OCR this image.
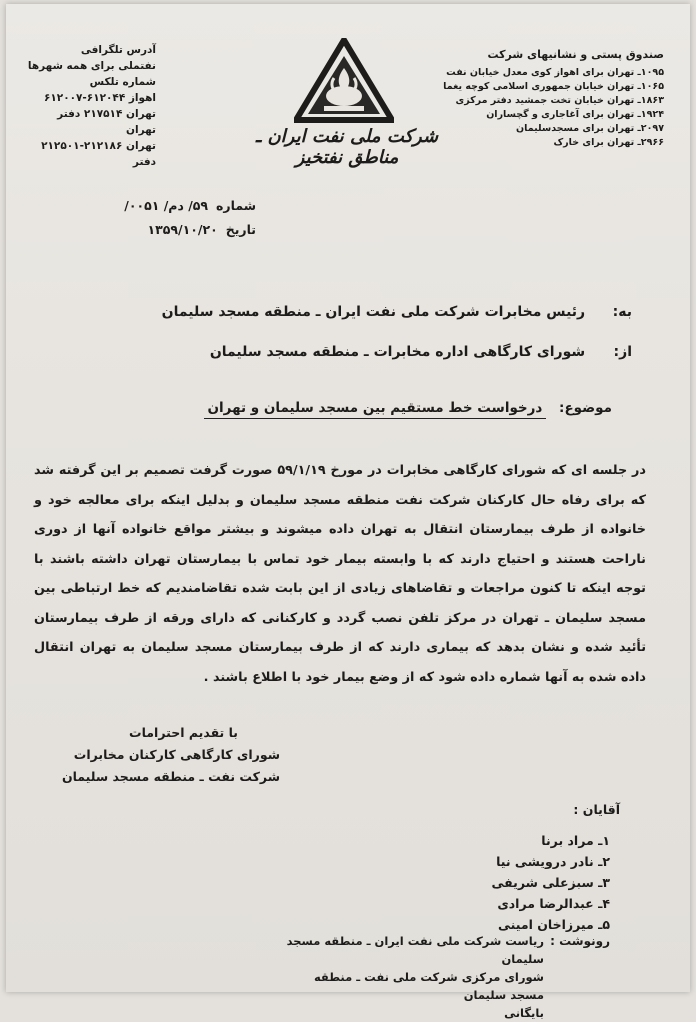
آدرس تلگرافی
نفتملی برای همه شهرها
شماره تلکس
اهواز ۶۱۲۰۴۴-۶۱۲۰۰۷
تهران ۲۱۷۵۱۴ دفتر تهران
تهران ۲۱۲۱۸۶-۲۱۲۵۰۱ دفتر
شرکت ملی نفت ایران ـ مناطق نفتخیز
صندوق پستی و نشانیهای شرکت
۱۰۹۵ـ تهران برای اهواز کوی معدل خیابان نفت
۱۰۶۵ـ تهران خیابان جمهوری اسلامی کوچه یغما
۱۸۶۳ـ تهران خیابان تخت جمشید دفتر مرکزی
۱۹۲۴ـ تهران برای آغاجاری و گچساران
۲۰۹۷ـ تهران برای مسجدسلیمان
۲۹۶۶ـ تهران برای خارک
شماره۵۹/ دم/ ۰۰۵۱/
تاریخ۱۳۵۹/۱۰/۲۰
به: رئیس مخابرات شرکت ملی نفت ایران ـ منطقه مسجد سلیمان
از: شورای کارگاهی اداره مخابرات ـ منطقه مسجد سلیمان
موضوع: درخواست خط مستقیم بین مسجد سلیمان و تهران
در جلسه ای که شورای کارگاهی مخابرات در مورخ ۵۹/۱/۱۹ صورت گرفت تصمیم بر این گرفته شد که برای رفاه حال کارکنان شرکت نفت منطقه مسجد سلیمان و بدلیل اینکه برای معالجه خود و خانواده از طرف بیمارستان انتقال به تهران داده میشوند و بیشتر مواقع خانواده آنها از دوری ناراحت هستند و احتیاج دارند که با وابسته بیمار خود تماس با بیمارستان تهران داشته باشند با توجه اینکه تا کنون مراجعات و تقاضاهای زیادی از این بابت شده تقاضامندیم که خط ارتباطی بین مسجد سلیمان ـ تهران در مرکز تلفن نصب گردد و کارکنانی که دارای ورقه از طرف بیمارستان تأئید شده و نشان بدهد که بیماری دارند که از طرف بیمارستان مسجد سلیمان به تهران انتقال داده شده به آنها شماره داده شود که از وضع بیمار خود با اطلاع باشند .
با تقدیم احترامات
شورای کارگاهی کارکنان مخابرات
شرکت نفت ـ منطقه مسجد سلیمان
آقایان :
۱ـ مراد برنا
۲ـ نادر درویشی نیا
۳ـ سبزعلی شریفی
۴ـ عبدالرضا مرادی
۵ـ میرزاخان امینی
رونوشت :
ریاست شرکت ملی نفت ایران ـ منطقه مسجد سلیمان
شورای مرکزی شرکت ملی نفت ـ منطقه مسجد سلیمان
بایگانی
